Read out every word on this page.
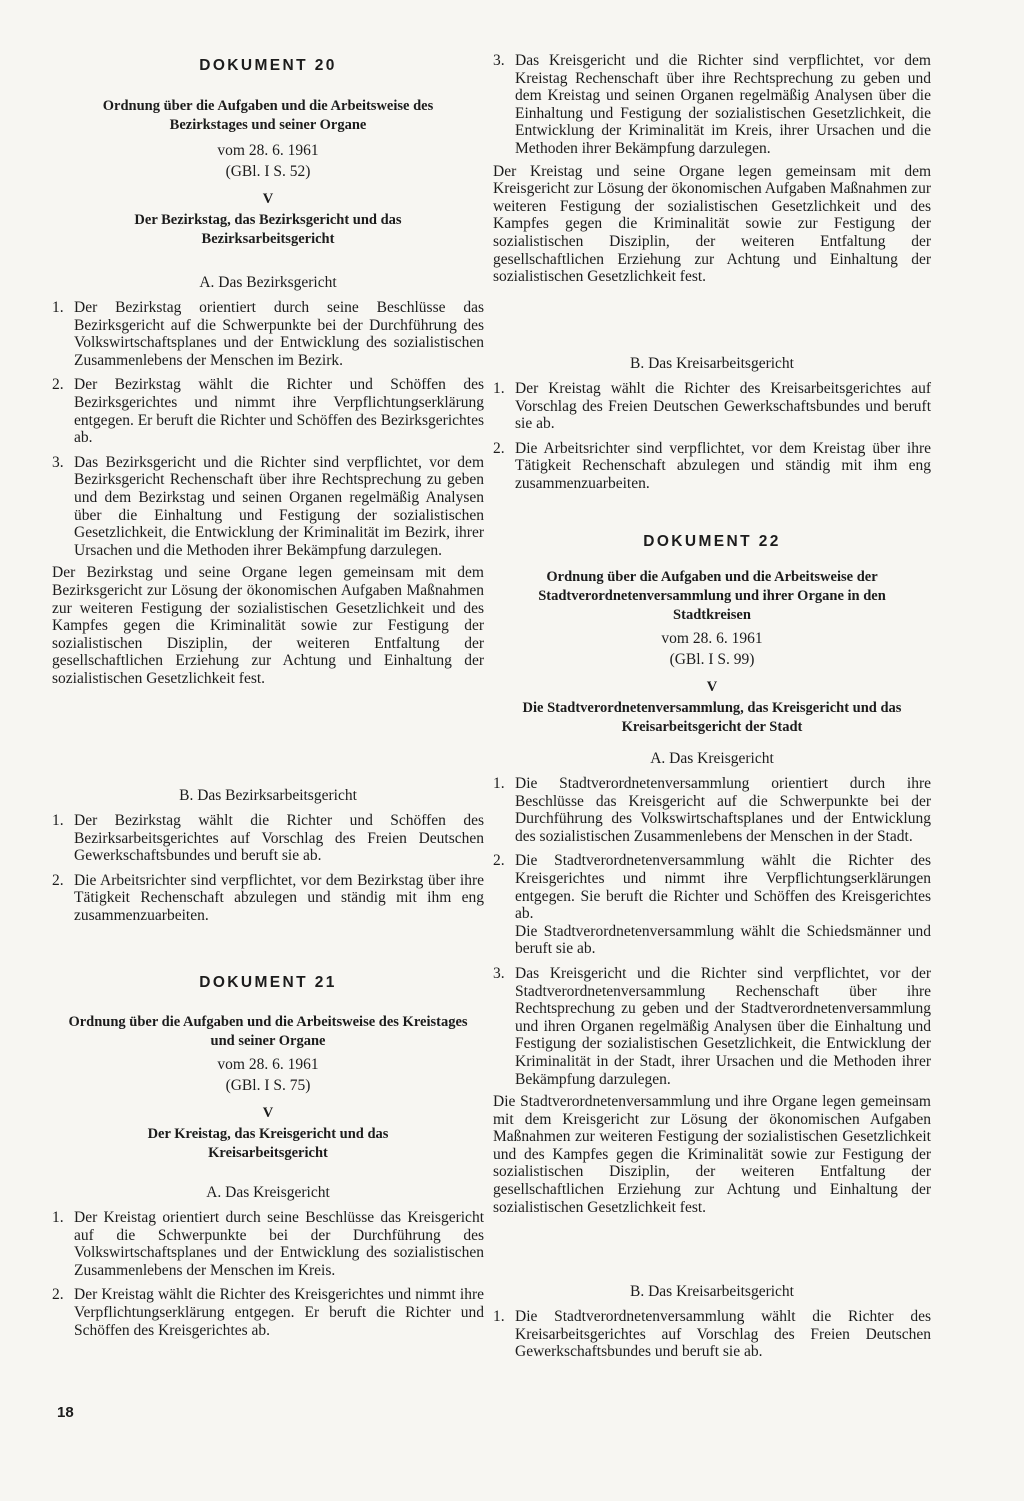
DOKUMENT 20

Ordnung über die Aufgaben und die Arbeitsweise des Bezirkstages und seiner Organe

vom 28. 6. 1961

(GBl. I S. 52)

V

Der Bezirkstag, das Bezirksgericht und das Bezirksarbeitsgericht

A. Das Bezirksgericht

1. Der Bezirkstag orientiert durch seine Beschlüsse das Bezirksgericht auf die Schwerpunkte bei der Durchführung des Volkswirtschaftsplanes und der Entwicklung des sozialistischen Zusammenlebens der Menschen im Bezirk.
2. Der Bezirkstag wählt die Richter und Schöffen des Bezirksgerichtes und nimmt ihre Verpflichtungserklärung entgegen. Er beruft die Richter und Schöffen des Bezirksgerichtes ab.
3. Das Bezirksgericht und die Richter sind verpflichtet, vor dem Bezirksgericht Rechenschaft über ihre Rechtsprechung zu geben und dem Bezirkstag und seinen Organen regelmäßig Analysen über die Einhaltung und Festigung der sozialistischen Gesetzlichkeit, die Entwicklung der Kriminalität im Bezirk, ihrer Ursachen und die Methoden ihrer Bekämpfung darzulegen.

Der Bezirkstag und seine Organe legen gemeinsam mit dem Bezirksgericht zur Lösung der ökonomischen Aufgaben Maßnahmen zur weiteren Festigung der sozialistischen Gesetzlichkeit und des Kampfes gegen die Kriminalität sowie zur Festigung der sozialistischen Disziplin, der weiteren Entfaltung der gesellschaftlichen Erziehung zur Achtung und Einhaltung der sozialistischen Gesetzlichkeit fest.

B. Das Bezirksarbeitsgericht

1. Der Bezirkstag wählt die Richter und Schöffen des Bezirksarbeitsgerichtes auf Vorschlag des Freien Deutschen Gewerkschaftsbundes und beruft sie ab.
2. Die Arbeitsrichter sind verpflichtet, vor dem Bezirkstag über ihre Tätigkeit Rechenschaft abzulegen und ständig mit ihm eng zusammenzuarbeiten.

DOKUMENT 21

Ordnung über die Aufgaben und die Arbeitsweise des Kreistages und seiner Organe

vom 28. 6. 1961

(GBl. I S. 75)

V

Der Kreistag, das Kreisgericht und das Kreisarbeitsgericht

A. Das Kreisgericht

1. Der Kreistag orientiert durch seine Beschlüsse das Kreisgericht auf die Schwerpunkte bei der Durchführung des Volkswirtschaftsplanes und der Entwicklung des sozialistischen Zusammenlebens der Menschen im Kreis.
2. Der Kreistag wählt die Richter des Kreisgerichtes und nimmt ihre Verpflichtungserklärung entgegen. Er beruft die Richter und Schöffen des Kreisgerichtes ab.
3. Das Kreisgericht und die Richter sind verpflichtet, vor dem Kreistag Rechenschaft über ihre Rechtsprechung zu geben und dem Kreistag und seinen Organen regelmäßig Analysen über die Einhaltung und Festigung der sozialistischen Gesetzlichkeit, die Entwicklung der Kriminalität im Kreis, ihrer Ursachen und die Methoden ihrer Bekämpfung darzulegen.

Der Kreistag und seine Organe legen gemeinsam mit dem Kreisgericht zur Lösung der ökonomischen Aufgaben Maßnahmen zur weiteren Festigung der sozialistischen Gesetzlichkeit und des Kampfes gegen die Kriminalität sowie zur Festigung der sozialistischen Disziplin, der weiteren Entfaltung der gesellschaftlichen Erziehung zur Achtung und Einhaltung der sozialistischen Gesetzlichkeit fest.

B. Das Kreisarbeitsgericht

1. Der Kreistag wählt die Richter des Kreisarbeitsgerichtes auf Vorschlag des Freien Deutschen Gewerkschaftsbundes und beruft sie ab.
2. Die Arbeitsrichter sind verpflichtet, vor dem Kreistag über ihre Tätigkeit Rechenschaft abzulegen und ständig mit ihm eng zusammenzuarbeiten.

DOKUMENT 22

Ordnung über die Aufgaben und die Arbeitsweise der Stadtverordnetenversammlung und ihrer Organe in den Stadtkreisen

vom 28. 6. 1961

(GBl. I S. 99)

V

Die Stadtverordnetenversammlung, das Kreisgericht und das Kreisarbeitsgericht der Stadt

A. Das Kreisgericht

1. Die Stadtverordnetenversammlung orientiert durch ihre Beschlüsse das Kreisgericht auf die Schwerpunkte bei der Durchführung des Volkswirtschaftsplanes und der Entwicklung des sozialistischen Zusammenlebens der Menschen in der Stadt.
2. Die Stadtverordnetenversammlung wählt die Richter des Kreisgerichtes und nimmt ihre Verpflichtungserklärungen entgegen. Sie beruft die Richter und Schöffen des Kreisgerichtes ab.
Die Stadtverordnetenversammlung wählt die Schiedsmänner und beruft sie ab.
3. Das Kreisgericht und die Richter sind verpflichtet, vor der Stadtverordnetenversammlung Rechenschaft über ihre Rechtsprechung zu geben und der Stadtverordnetenversammlung und ihren Organen regelmäßig Analysen über die Einhaltung und Festigung der sozialistischen Gesetzlichkeit, die Entwicklung der Kriminalität in der Stadt, ihrer Ursachen und die Methoden ihrer Bekämpfung darzulegen.

Die Stadtverordnetenversammlung und ihre Organe legen gemeinsam mit dem Kreisgericht zur Lösung der ökonomischen Aufgaben Maßnahmen zur weiteren Festigung der sozialistischen Gesetzlichkeit und des Kampfes gegen die Kriminalität sowie zur Festigung der sozialistischen Disziplin, der weiteren Entfaltung der gesellschaftlichen Erziehung zur Achtung und Einhaltung der sozialistischen Gesetzlichkeit fest.

B. Das Kreisarbeitsgericht

1. Die Stadtverordnetenversammlung wählt die Richter des Kreisarbeitsgerichtes auf Vorschlag des Freien Deutschen Gewerkschaftsbundes und beruft sie ab.
18
